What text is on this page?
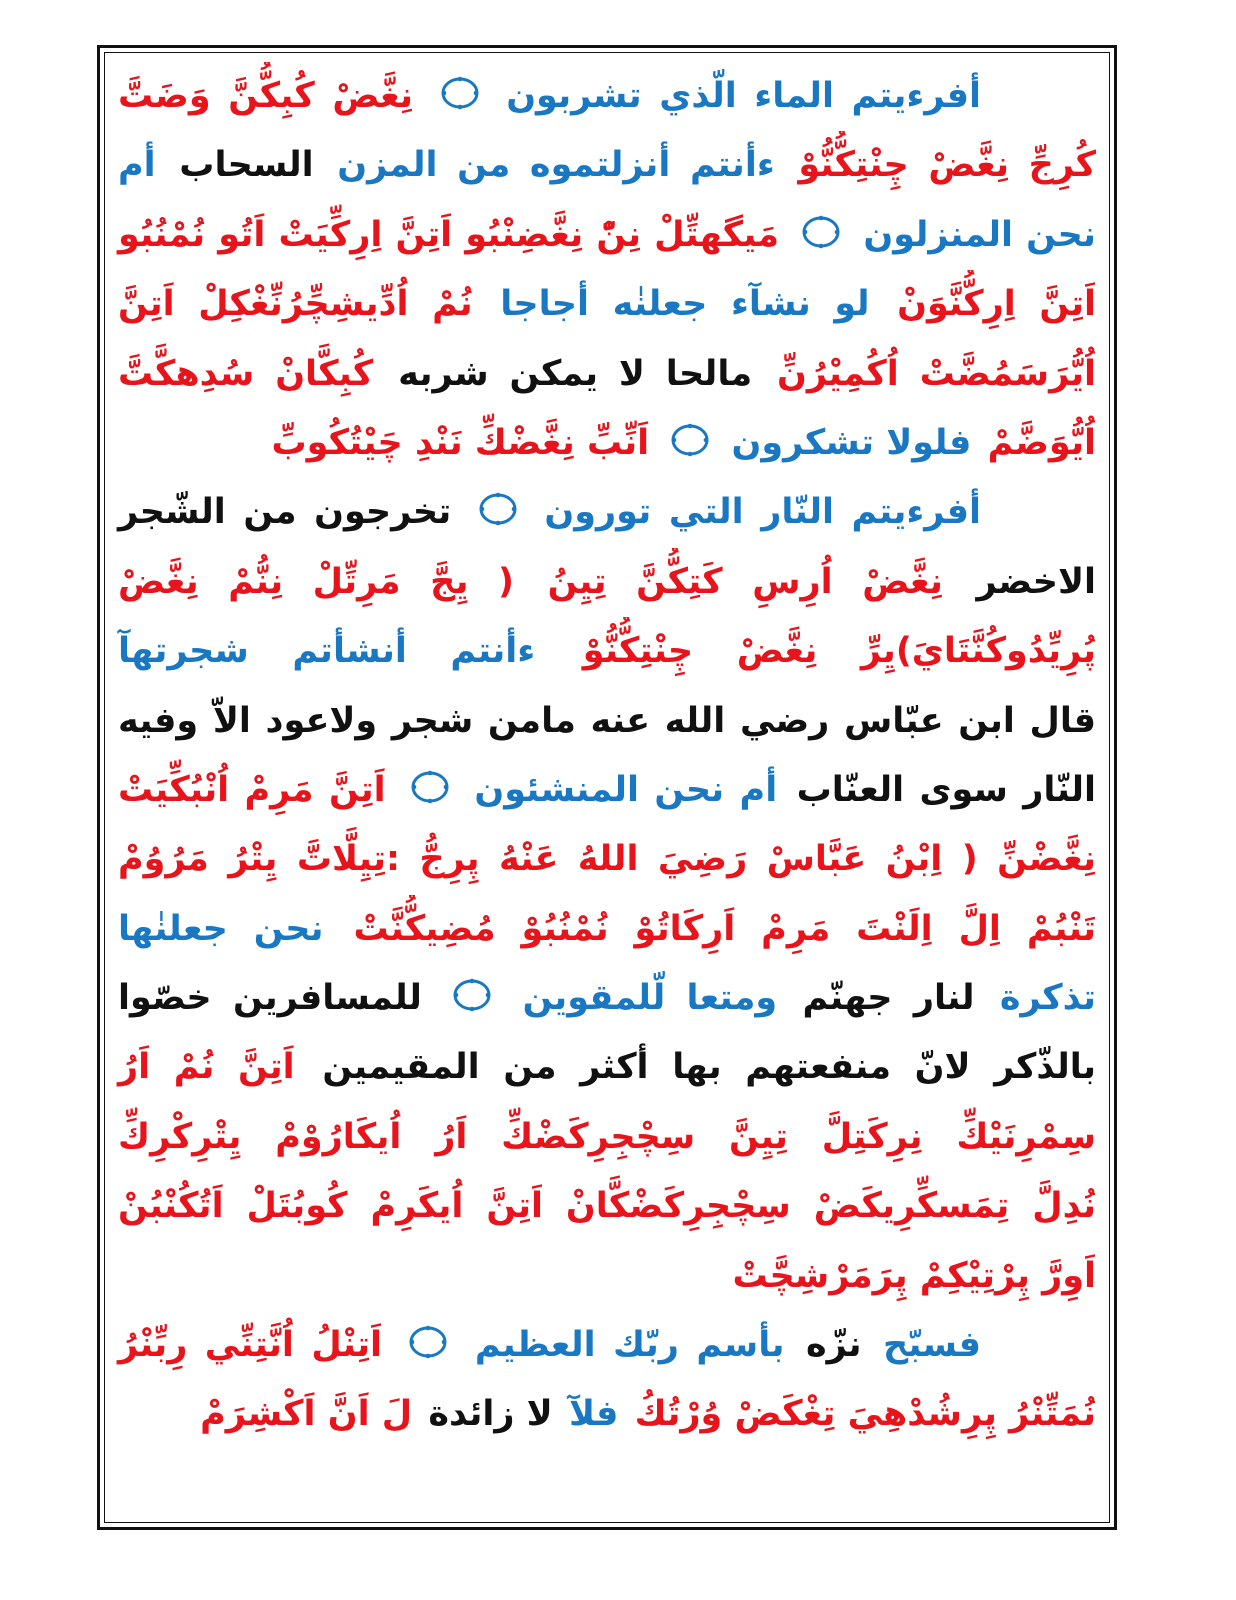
أفرءيتم الماء الّذي تشربون
نِغَّضْ كُبِكُّنَّ وَضَتَّ
كُرِجِّ نِغَّضْ چِنْتِكُّنُّوْ ءأنتم أنزلتموه من المزن السحاب أم
نحن المنزلون
مَيگهتِّلْ نِنّْ نِغَّضِنْبُو اَتِنَّ اِرِكِّيَتْ اَتُو نُمْنُبُو
اَتِنَّ اِرِكُّنَّوَنْ لو نشآء جعلنٰه أجاجا نُمْ اُدِّيشِچِّرُنِّغْكِلْ اَتِنَّ
اُيُّرَسَمُضَّتْ اُكُمِيْرُنِّ مالحا لا يمكن شربه كُبِكَّانْ سُدِهكَّتَّ
اُيُّوَضَّمْ فلولا تشكرون
اَنِّبِّ نِغَّضْكِّ نَنْدِ چَيْتُكُوبِّ
أفرءيتم النّار التي تورون
تخرجون من الشّجر
الاخضر نِغَّضْ اُرِسِ كَتِكُّنَّ تِيِنُ ( يِجَّ مَرِتِّلْ نِنُّمْ نِغَّضْ
پُرِيِّدُوكُنَّتَايَ)يِرِّ نِغَّضْ چِنْتِكُّنُّوْ ءأنتم أنشأتم شجرتهآ
قال ابن عبّاس رضي الله عنه مامن شجر ولاعود الاّ وفيه
النّار سوى العنّاب أم نحن المنشئون
اَتِنَّ مَرِمْ اُنْبُكِّيَتْ
نِغَّضْنِّ ( اِبْنُ عَبَّاسْ رَضِيَ اللهُ عَنْهُ پِرِجُّ :تِيِلَّاتَّ يِتْرُ مَرُوُمْ
تَنْبُمْ اِلَّ اِلَنْتَ مَرِمْ اَرِكَاتُوْ نُمْنُبُوْ مُضِيكُّنَّتْ نحن جعلنٰها
تذكرة لنار جهنّم ومتعا لّلمقوين
للمسافرين خصّوا
بالذّكر لانّ منفعتهم بها أكثر من المقيمين اَتِنَّ نُمْ اَرُ
سِمْرِنَيْكِّ نِرِكَتِلَّ تِيِنَّ سِچْجِرِكَضْكِّ اَرُ اُيكَارُوْمْ يِتْرِكْرِكِّ
نُدِلَّ تِمَسكِّرِيكَضْ سِچْجِرِكَضْكَّانْ اَتِنَّ اُيكَرِمْ كُوبُتَلْ اَتُكُنْبُنْ
اَوِرَّ پِرْتِيْكِمْ پِرَمَرْشِچَّتْ
فسبّح نزّه بأسم ربّك العظيم
اَتِنْلُ اُنَّتِنِّي رِبِّنْرُ
نُمَتِّنْرُ پِرِشُدْهِيَ تِغْكَضْ وُرْتُكُ فلآ لا زائدة لَ اَنَّ اَكْشِرَمْ
